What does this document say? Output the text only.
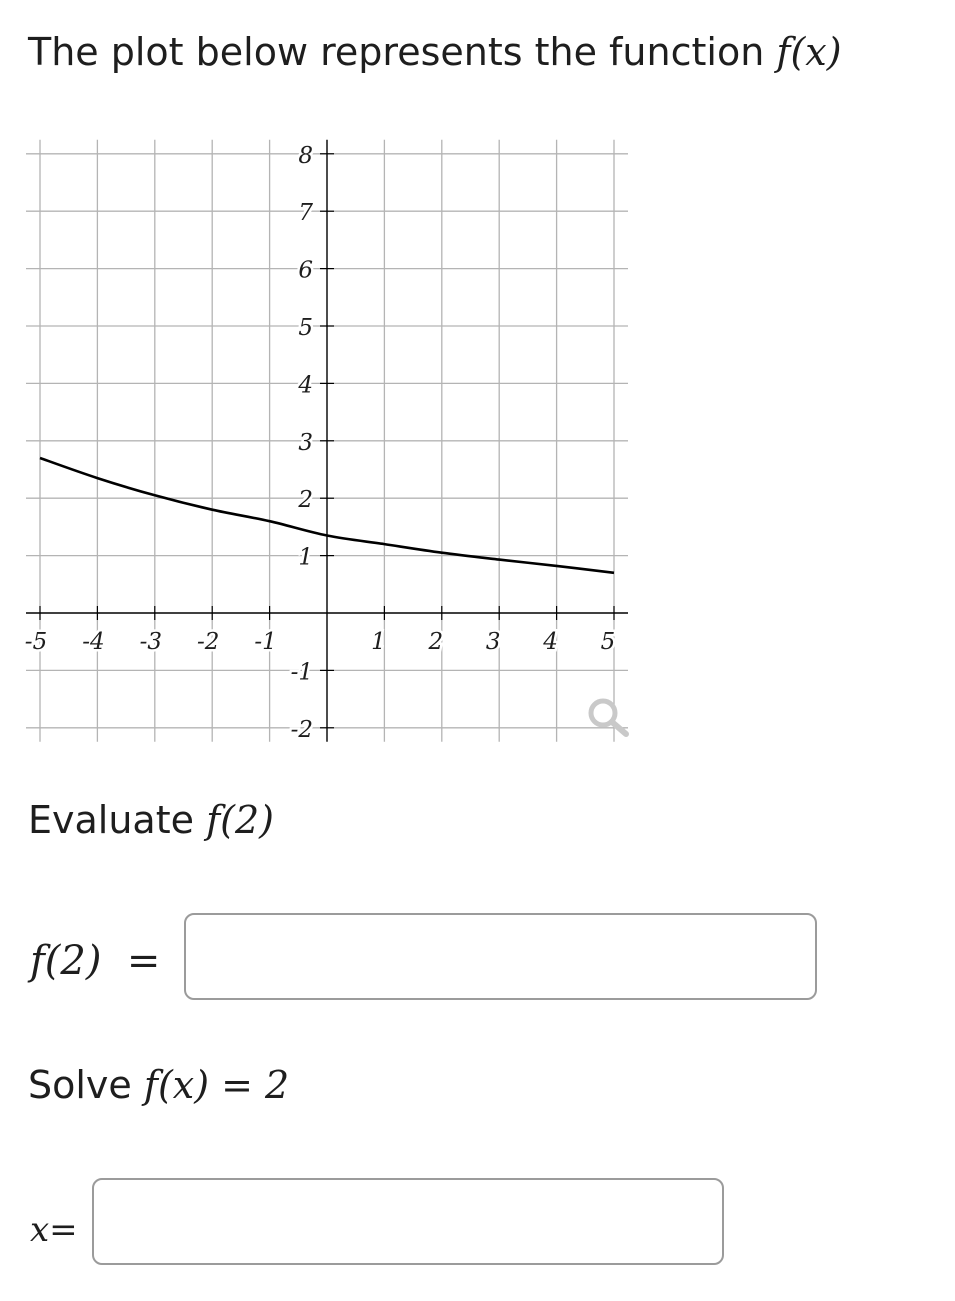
The plot below represents the function f(x)
-5 -4 -3 -2 -1	1 2 3 4 5
-2
-1
1
2
3
4
5
6
7
8
Evaluate f(2)
f(2)  =
Solve f(x) = 2
x=
